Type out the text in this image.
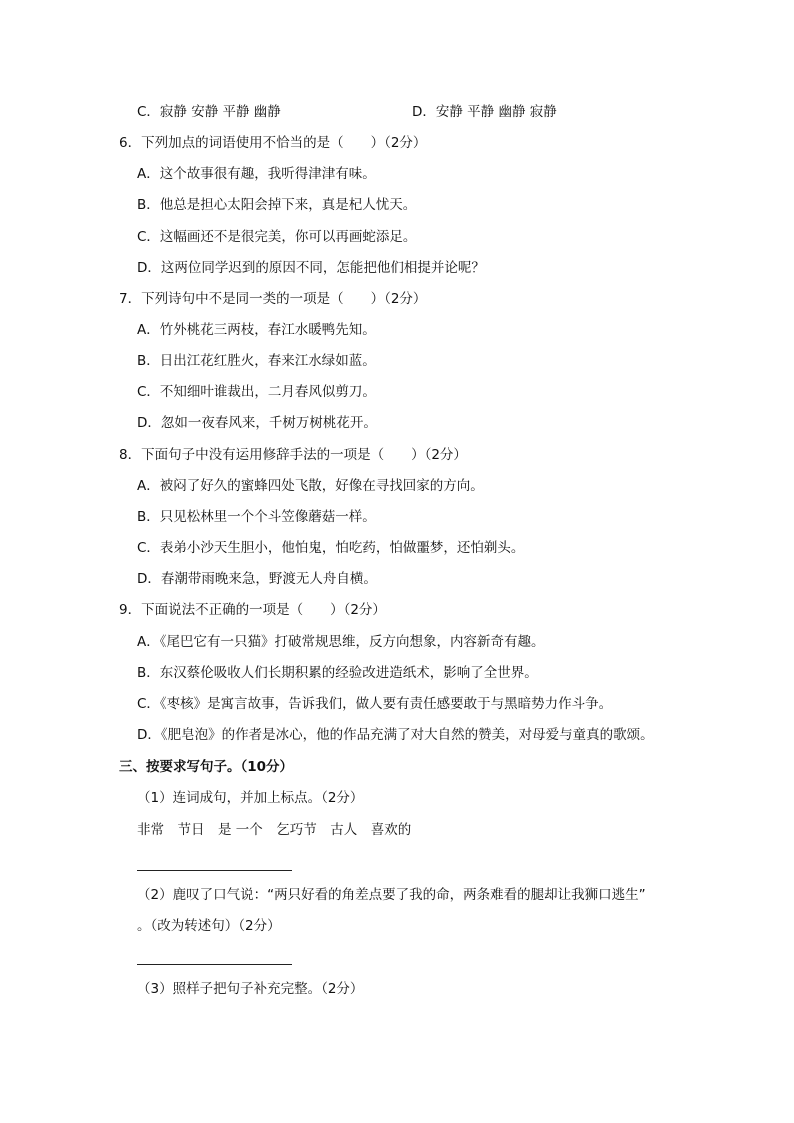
C．寂静 安静 平静 幽静	D．安静 平静 幽静 寂静
6．下列加点的词语使用不恰当的是（　　）（2分）
A．这个故事很有趣，我听得津津有味。
B．他总是担心太阳会掉下来，真是杞人忧天。
C．这幅画还不是很完美，你可以再画蛇添足。
D．这两位同学迟到的原因不同，怎能把他们相提并论呢？
7．下列诗句中不是同一类的一项是（　　）（2分）
A．竹外桃花三两枝，春江水暖鸭先知。
B．日出江花红胜火，春来江水绿如蓝。
C．不知细叶谁裁出，二月春风似剪刀。
D．忽如一夜春风来，千树万树桃花开。
8．下面句子中没有运用修辞手法的一项是（　　）（2分）
A．被闷了好久的蜜蜂四处飞散，好像在寻找回家的方向。
B．只见松林里一个个斗笠像蘑菇一样。
C．表弟小沙天生胆小，他怕鬼，怕吃药，怕做噩梦，还怕剃头。
D．春潮带雨晚来急，野渡无人舟自横。
9．下面说法不正确的一项是（　　）（2分）
A．《尾巴它有一只猫》打破常规思维，反方向想象，内容新奇有趣。
B．东汉蔡伦吸收人们长期积累的经验改进造纸术，影响了全世界。
C．《枣核》是寓言故事，告诉我们，做人要有责任感要敢于与黑暗势力作斗争。
D．《肥皂泡》的作者是冰心，他的作品充满了对大自然的赞美，对母爱与童真的歌颂。
三、按要求写句子。（10分）
（1）连词成句，并加上标点。（2分）
非常　节日　是 一个　乞巧节　古人　喜欢的
（2）鹿叹了口气说：“两只好看的角差点要了我的命，两条难看的腿却让我狮口逃生”
。（改为转述句）（2分）
（3）照样子把句子补充完整。（2分）
